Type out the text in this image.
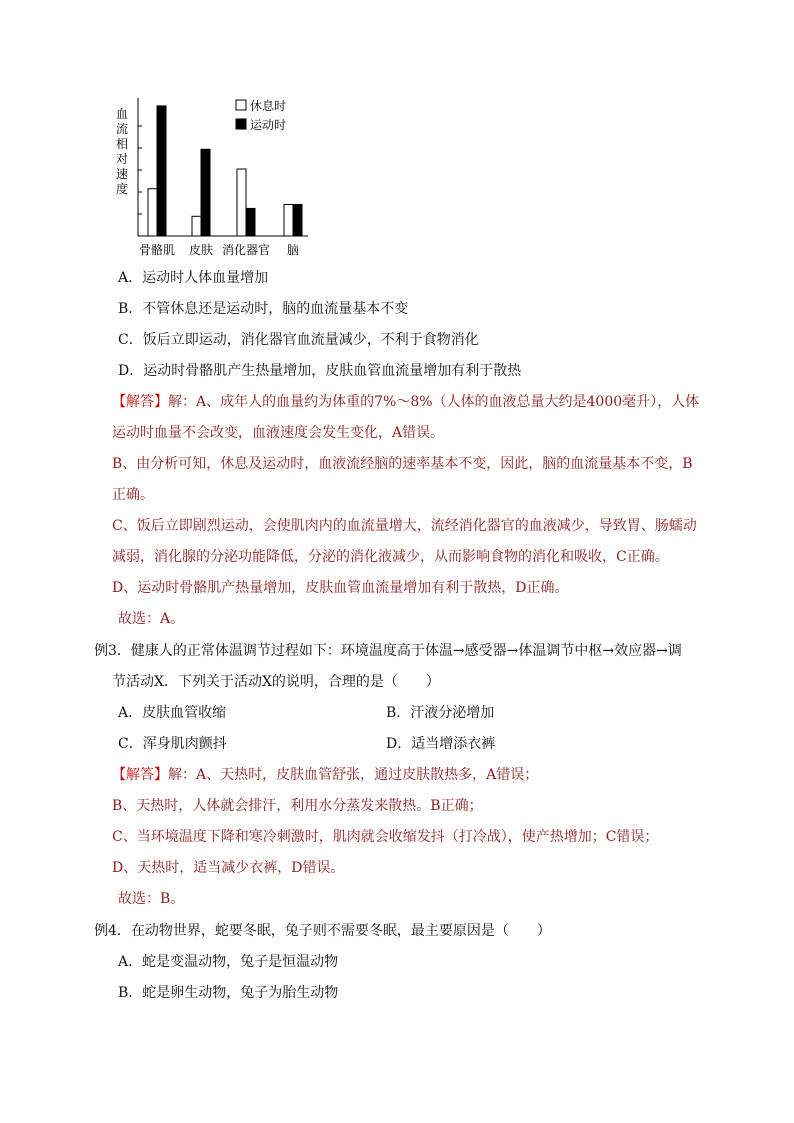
血
流
相
对
速
度
骨骼肌 皮肤 消化器官 脑
休息时
运动时
A．运动时人体血量增加
B．不管休息还是运动时，脑的血流量基本不变
C．饭后立即运动，消化器官血流量减少，不利于食物消化
D．运动时骨骼肌产生热量增加，皮肤血管血流量增加有利于散热
【解答】解：A、成年人的血量约为体重的7%～8%（人体的血液总量大约是4000毫升），人体
运动时血量不会改变，血液速度会发生变化，A错误。
B、由分析可知，休息及运动时，血液流经脑的速率基本不变，因此，脑的血流量基本不变，B
正确。
C、饭后立即剧烈运动，会使肌肉内的血流量增大，流经消化器官的血液减少，导致胃、肠蠕动
减弱，消化腺的分泌功能降低，分泌的消化液减少，从而影响食物的消化和吸收，C正确。
D、运动时骨骼肌产热量增加，皮肤血管血流量增加有利于散热，D正确。
故选：A。
例3．健康人的正常体温调节过程如下：环境温度高于体温→感受器→体温调节中枢→效应器→调
节活动X．下列关于活动X的说明，合理的是（　　）
A．皮肤血管收缩	B．汗液分泌增加
C．浑身肌肉颤抖	D．适当增添衣裤
【解答】解：A、天热时，皮肤血管舒张，通过皮肤散热多，A错误；
B、天热时，人体就会排汗，利用水分蒸发来散热。B正确；
C、当环境温度下降和寒冷刺激时，肌肉就会收缩发抖（打冷战），使产热增加；C错误；
D、天热时，适当减少衣裤，D错误。
故选：B。
例4．在动物世界，蛇要冬眠，兔子则不需要冬眠，最主要原因是（　　）
A．蛇是变温动物，兔子是恒温动物
B．蛇是卵生动物，兔子为胎生动物
